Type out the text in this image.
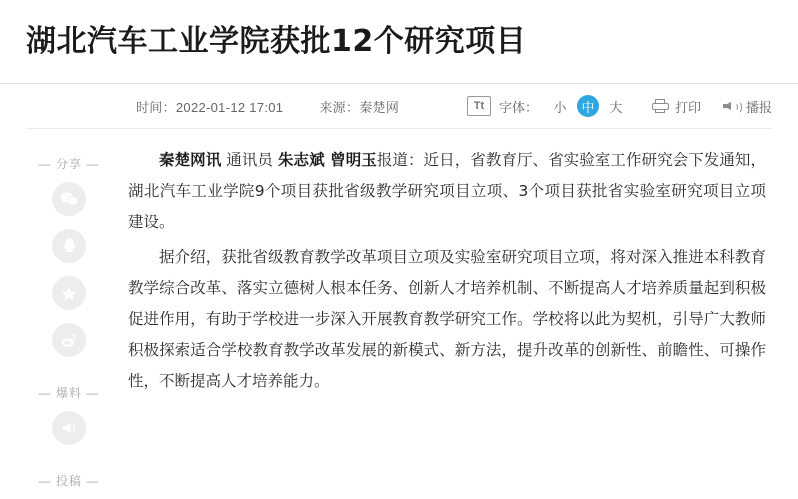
湖北汽车工业学院获批12个研究项目
时间：2022-01-12 17:01	来源：秦楚网	Tt	字体：	小	中	大	打印	播报
— 分享 —
— 爆料 —
— 投稿 —

秦楚网讯 通讯员 朱志斌 曾明玉报道：近日，省教育厅、省实验室工作研究会下发通知，湖北汽车工业学院9个项目获批省级教学研究项目立项、3个项目获批省实验室研究项目立项建设。

据介绍，获批省级教育教学改革项目立项及实验室研究项目立项，将对深入推进本科教育教学综合改革、落实立德树人根本任务、创新人才培养机制、不断提高人才培养质量起到积极促进作用，有助于学校进一步深入开展教育教学研究工作。学校将以此为契机，引导广大教师积极探索适合学校教育教学改革发展的新模式、新方法，提升改革的创新性、前瞻性、可操作性，不断提高人才培养能力。
